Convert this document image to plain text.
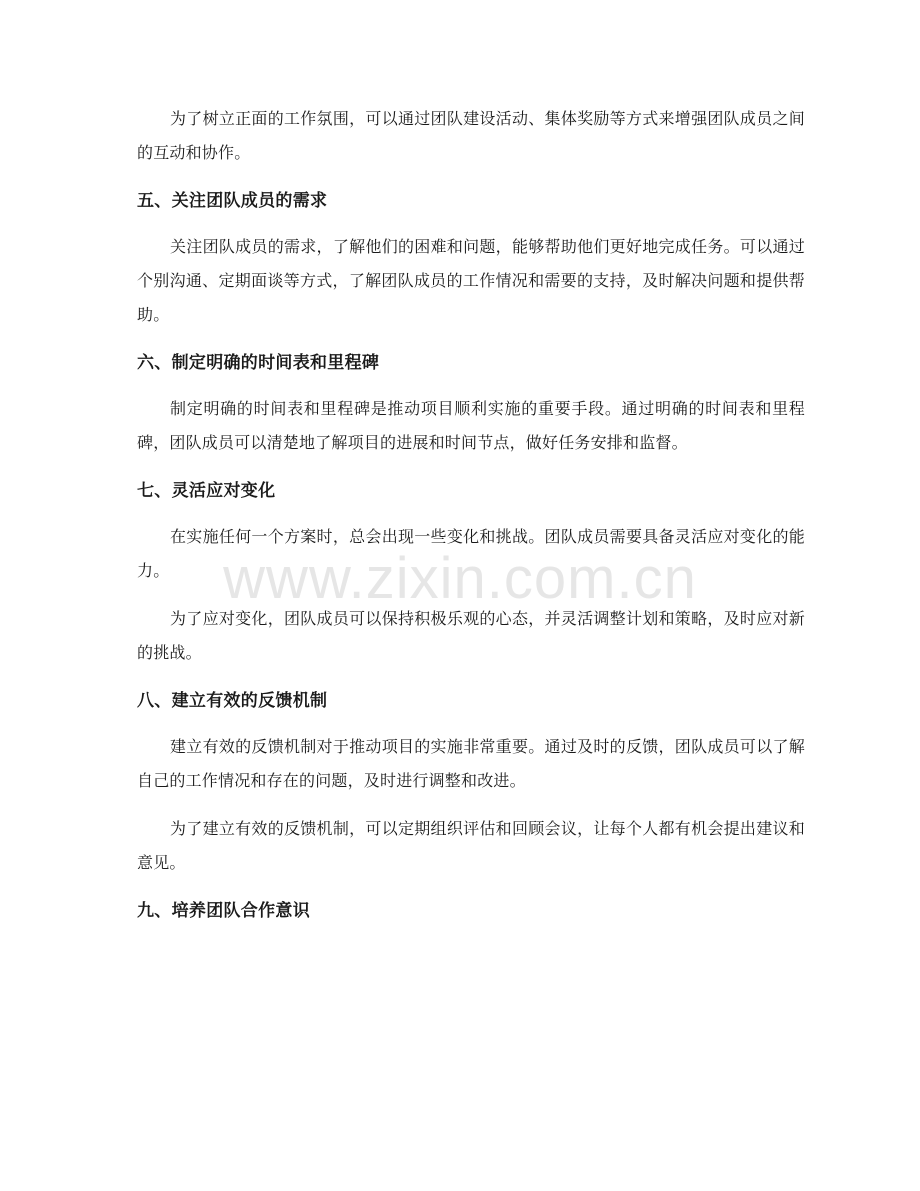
为了树立正面的工作氛围，可以通过团队建设活动、集体奖励等方式来增强团队成员之间的互动和协作。

五、关注团队成员的需求

关注团队成员的需求，了解他们的困难和问题，能够帮助他们更好地完成任务。可以通过个别沟通、定期面谈等方式，了解团队成员的工作情况和需要的支持，及时解决问题和提供帮助。

六、制定明确的时间表和里程碑

制定明确的时间表和里程碑是推动项目顺利实施的重要手段。通过明确的时间表和里程碑，团队成员可以清楚地了解项目的进展和时间节点，做好任务安排和监督。

七、灵活应对变化

在实施任何一个方案时，总会出现一些变化和挑战。团队成员需要具备灵活应对变化的能力。

为了应对变化，团队成员可以保持积极乐观的心态，并灵活调整计划和策略，及时应对新的挑战。

八、建立有效的反馈机制

建立有效的反馈机制对于推动项目的实施非常重要。通过及时的反馈，团队成员可以了解自己的工作情况和存在的问题，及时进行调整和改进。

为了建立有效的反馈机制，可以定期组织评估和回顾会议，让每个人都有机会提出建议和意见。

九、培养团队合作意识
www.zixin.com.cn
